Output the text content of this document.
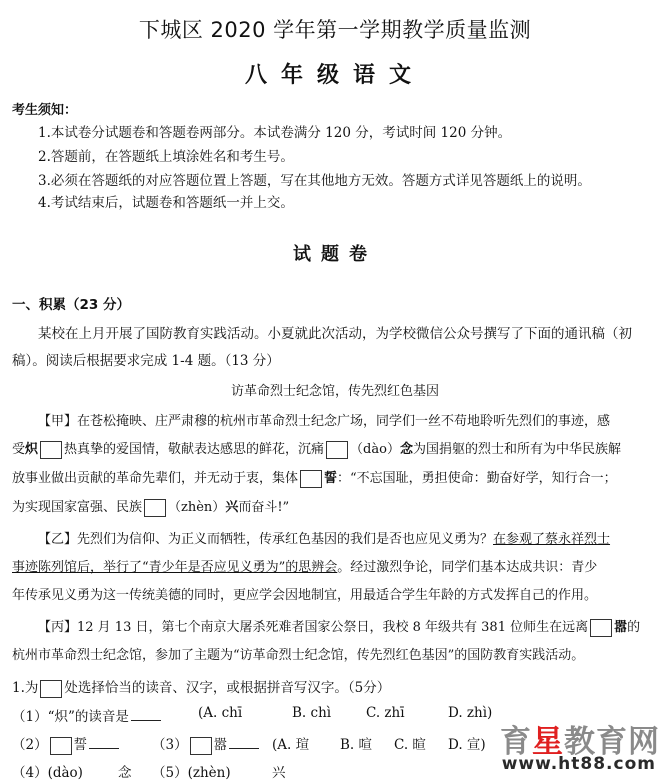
下城区 2020 学年第一学期教学质量监测
八年级语文
考生须知：
1.本试卷分试题卷和答题卷两部分。本试卷满分 120 分，考试时间 120 分钟。
2.答题前，在答题纸上填涂姓名和考生号。
3.必须在答题纸的对应答题位置上答题，写在其他地方无效。答题方式详见答题纸上的说明。
4.考试结束后，试题卷和答题纸一并上交。
试题卷
一、积累（23 分）
某校在上月开展了国防教育实践活动。小夏就此次活动，为学校微信公众号撰写了下面的通讯稿（初
稿）。阅读后根据要求完成 1-4 题。（13 分）
访革命烈士纪念馆，传先烈红色基因
【甲】在苍松掩映、庄严肃穆的杭州市革命烈士纪念广场，同学们一丝不苟地聆听先烈们的事迹，感
受炽 热真挚的爱国情，敬献表达感思的鲜花，沉痛 （dào）念为国捐躯的烈士和所有为中华民族解
放事业做出贡献的革命先辈们，并无动于衷，集体 誓：“不忘国耻，勇担使命：勤奋好学，知行合一；
为实现国家富强、民族 （zhèn）兴而奋斗!”
【乙】先烈们为信仰、为正义而牺牲，传承红色基因的我们是否也应见义勇为？在参观了蔡永祥烈士
事迹陈列馆后，举行了“青少年是否应见义勇为”的思辨会。经过激烈争论，同学们基本达成共识：青少
年传承见义勇为这一传统美德的同时，更应学会因地制宜，用最适合学生年龄的方式发挥自己的作用。
【丙】12 月 13 日，第七个南京大屠杀死难者国家公祭日，我校 8 年级共有 381 位师生在远离 嚣的
杭州市革命烈士纪念馆，参加了主题为“访革命烈士纪念馆，传先烈红色基因”的国防教育实践活动。
1.为 处选择恰当的读音、汉字，或根据拼音写汉字。（5分）
（1）“炽”的读音是	(A. chī	B. chì	C. zhī	D. zhì)
（2） 誓	（3） 嚣	(A. 瑄 B. 喧 C. 暄 D. 宣)
（4）(dào)	念 （5）(zhèn)	兴
育星教育网
www.ht88.com
